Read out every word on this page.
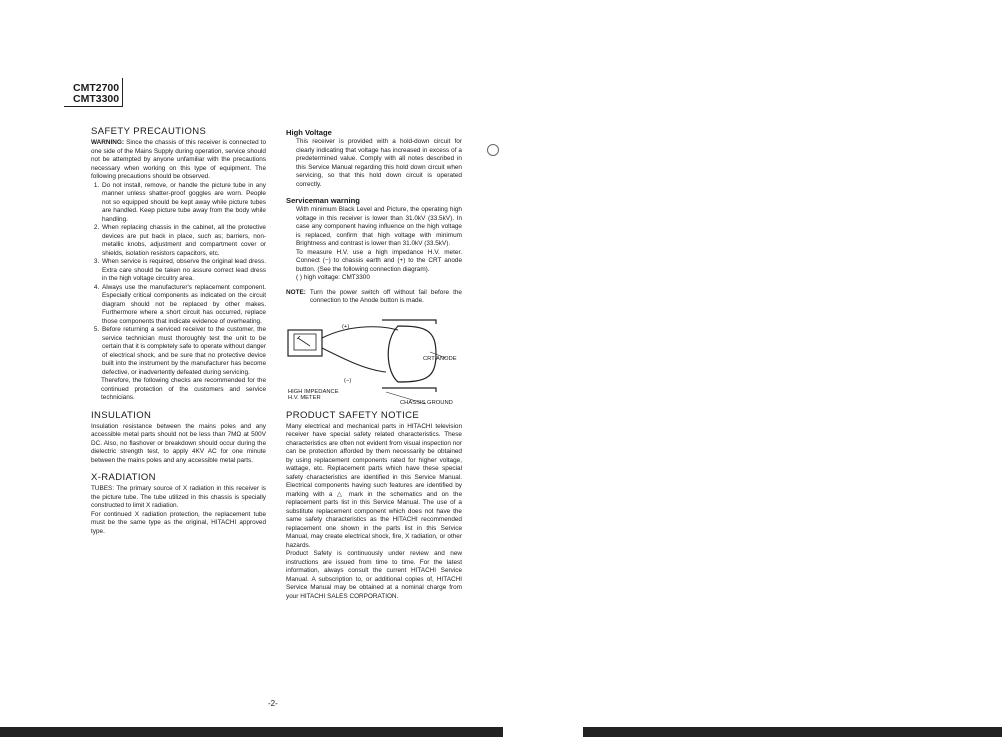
CMT2700
CMT3300
SAFETY PRECAUTIONS

WARNING: Since the chassis of this receiver is connected to one side of the Mains Supply during operation, service should not be attempted by anyone unfamiliar with the precautions necessary when working on this type of equipment. The following precautions should be observed.

1. Do not install, remove, or handle the picture tube in any manner unless shatter-proof goggles are worn. People not so equipped should be kept away while picture tubes are handled. Keep picture tube away from the body while handling.
2. When replacing chassis in the cabinet, all the protective devices are put back in place, such as; barriers, non-metallic knobs, adjustment and compartment cover or shields, isolation resistors capacitors, etc.
3. When service is required, observe the original lead dress. Extra care should be taken no assure correct lead dress in the high voltage circuitry area.
4. Always use the manufacturer's replacement component. Especially critical components as indicated on the circuit diagram should not be replaced by other makes. Furthermore where a short circuit has occurred, replace those components that indicate evidence of overheating.
5. Before returning a serviced receiver to the customer, the service technician must thoroughly test the unit to be certain that it is completely safe to operate without danger of electrical shock, and be sure that no protective device built into the instrument by the manufacturer has become defective, or inadvertently defeated during servicing.

Therefore, the following checks are recommended for the continued protection of the customers and service technicians.

INSULATION

Insulation resistance between the mains poles and any accessible metal parts should not be less than 7MΩ at 500V DC. Also, no flashover or breakdown should occur during the dielectric strength test, to apply 4KV AC for one minute between the mains poles and any accessible metal parts.

X-RADIATION

TUBES: The primary source of X radiation in this receiver is the picture tube. The tube utilized in this chassis is specially constructed to limit X radiation.

For continued X radiation protection, the replacement tube must be the same type as the original, HITACHI approved type.

High Voltage

This receiver is provided with a hold-down circuit for clearly indicating that voltage has increased in excess of a predetermined value. Comply with all notes described in this Service Manual regarding this hold down circuit when servicing, so that this hold down circuit is operated correctly.

Serviceman warning

With minimum Black Level and Picture, the operating high voltage in this receiver is lower than 31.0kV (33.5kV). In case any component having influence on the high voltage is replaced, confirm that high voltage with minimum Brightness and contrast is lower than 31.0kV (33.5kV).

To measure H.V. use a high impedance H.V. meter. Connect (−) to chassis earth and (+) to the CRT anode button. (See the following connection diagram).

( ) high voltage: CMT3300

NOTE: Turn the power switch off without fail before the connection to the Anode button is made.
(+)
(−)
CRT ANODE
HIGH IMPEDANCE
H.V. METER
CHASSIS GROUND
PRODUCT SAFETY NOTICE

Many electrical and mechanical parts in HITACHI television receiver have special safety related characteristics. These characteristics are often not evident from visual inspection nor can be protection afforded by them necessarily be obtained by using replacement components rated for higher voltage, wattage, etc. Replacement parts which have these special safety characteristics are identified in this Service Manual. Electrical components having such features are identified by marking with a △ mark in the schematics and on the replacement parts list in this Service Manual. The use of a substitute replacement component which does not have the same safety characteristics as the HITACHI recommended replacement one shown in the parts list in this Service Manual, may create electrical shock, fire, X radiation, or other hazards.

Product Safety is continuously under review and new instructions are issued from time to time. For the latest information, always consult the current HITACHI Service Manual. A subscription to, or additional copies of, HITACHI Service Manual may be obtained at a nominal charge from your HITACHI SALES CORPORATION.

-2-
